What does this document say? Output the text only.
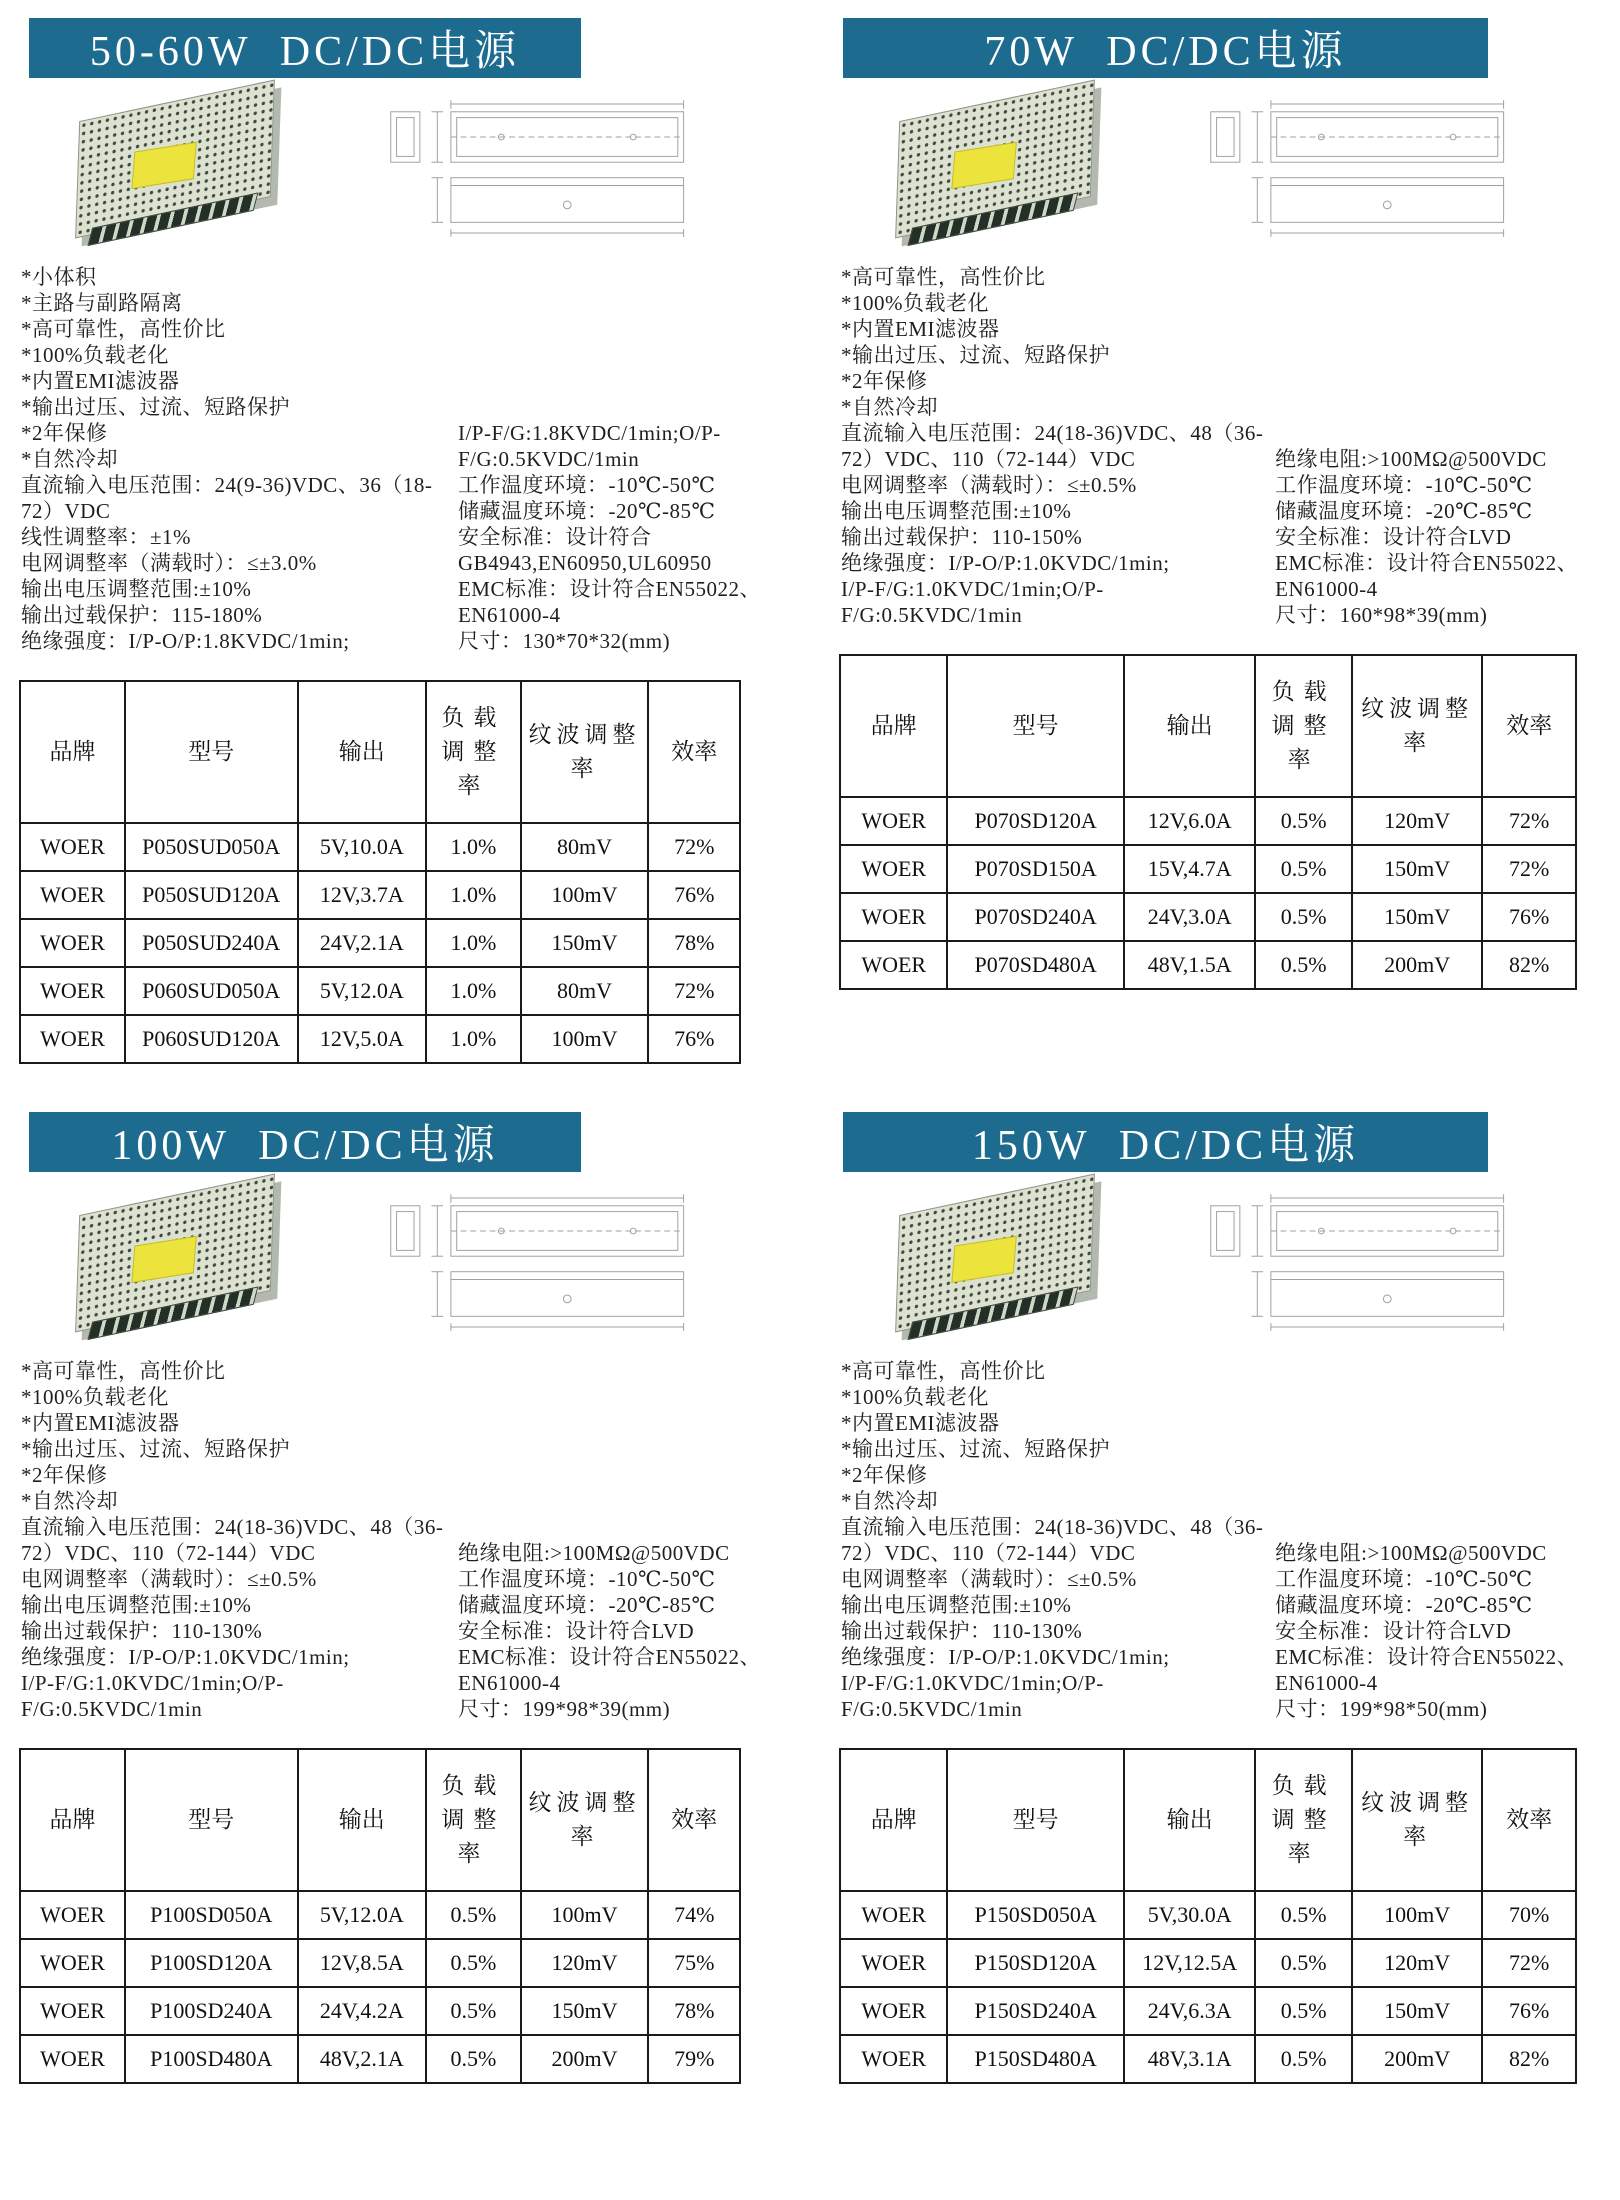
50-60W  DC/DC电源
*小体积
*主路与副路隔离
*高可靠性，高性价比
*100%负载老化
*内置EMI滤波器
*输出过压、过流、短路保护
*2年保修
*自然冷却
直流输入电压范围：24(9-36)VDC、36（18-72）VDC
线性调整率：±1%
电网调整率（满载时）：≤±3.0%
输出电压调整范围:±10%
输出过载保护：115-180%
绝缘强度：I/P-O/P:1.8KVDC/1min;
I/P-F/G:1.8KVDC/1min;O/P-F/G:0.5KVDC/1min
工作温度环境：-10℃-50℃
储藏温度环境：-20℃-85℃
安全标准：设计符合GB4943,EN60950,UL60950
EMC标准：设计符合EN55022、EN61000-4
尺寸：130*70*32(mm)
品牌	型号	输出	负载调整率	纹波调整率	效率
WOER	P050SUD050A	5V,10.0A	1.0%	80mV	72%
WOER	P050SUD120A	12V,3.7A	1.0%	100mV	76%
WOER	P050SUD240A	24V,2.1A	1.0%	150mV	78%
WOER	P060SUD050A	5V,12.0A	1.0%	80mV	72%
WOER	P060SUD120A	12V,5.0A	1.0%	100mV	76%
70W  DC/DC电源
*高可靠性，高性价比
*100%负载老化
*内置EMI滤波器
*输出过压、过流、短路保护
*2年保修
*自然冷却
直流输入电压范围：24(18-36)VDC、48（36-72）VDC、110（72-144）VDC
电网调整率（满载时）：≤±0.5%
输出电压调整范围:±10%
输出过载保护：110-150%
绝缘强度：I/P-O/P:1.0KVDC/1min;
I/P-F/G:1.0KVDC/1min;O/P-F/G:0.5KVDC/1min
绝缘电阻:>100MΩ@500VDC
工作温度环境：-10℃-50℃
储藏温度环境：-20℃-85℃
安全标准：设计符合LVD
EMC标准：设计符合EN55022、EN61000-4
尺寸：160*98*39(mm)
品牌	型号	输出	负载调整率	纹波调整率	效率
WOER	P070SD120A	12V,6.0A	0.5%	120mV	72%
WOER	P070SD150A	15V,4.7A	0.5%	150mV	72%
WOER	P070SD240A	24V,3.0A	0.5%	150mV	76%
WOER	P070SD480A	48V,1.5A	0.5%	200mV	82%
100W  DC/DC电源
*高可靠性，高性价比
*100%负载老化
*内置EMI滤波器
*输出过压、过流、短路保护
*2年保修
*自然冷却
直流输入电压范围：24(18-36)VDC、48（36-72）VDC、110（72-144）VDC
电网调整率（满载时）：≤±0.5%
输出电压调整范围:±10%
输出过载保护：110-130%
绝缘强度：I/P-O/P:1.0KVDC/1min;
I/P-F/G:1.0KVDC/1min;O/P-F/G:0.5KVDC/1min
绝缘电阻:>100MΩ@500VDC
工作温度环境：-10℃-50℃
储藏温度环境：-20℃-85℃
安全标准：设计符合LVD
EMC标准：设计符合EN55022、EN61000-4
尺寸：199*98*39(mm)
品牌	型号	输出	负载调整率	纹波调整率	效率
WOER	P100SD050A	5V,12.0A	0.5%	100mV	74%
WOER	P100SD120A	12V,8.5A	0.5%	120mV	75%
WOER	P100SD240A	24V,4.2A	0.5%	150mV	78%
WOER	P100SD480A	48V,2.1A	0.5%	200mV	79%
150W  DC/DC电源
*高可靠性，高性价比
*100%负载老化
*内置EMI滤波器
*输出过压、过流、短路保护
*2年保修
*自然冷却
直流输入电压范围：24(18-36)VDC、48（36-72）VDC、110（72-144）VDC
电网调整率（满载时）：≤±0.5%
输出电压调整范围:±10%
输出过载保护：110-130%
绝缘强度：I/P-O/P:1.0KVDC/1min;
I/P-F/G:1.0KVDC/1min;O/P-F/G:0.5KVDC/1min
绝缘电阻:>100MΩ@500VDC
工作温度环境：-10℃-50℃
储藏温度环境：-20℃-85℃
安全标准：设计符合LVD
EMC标准：设计符合EN55022、EN61000-4
尺寸：199*98*50(mm)
品牌	型号	输出	负载调整率	纹波调整率	效率
WOER	P150SD050A	5V,30.0A	0.5%	100mV	70%
WOER	P150SD120A	12V,12.5A	0.5%	120mV	72%
WOER	P150SD240A	24V,6.3A	0.5%	150mV	76%
WOER	P150SD480A	48V,3.1A	0.5%	200mV	82%
